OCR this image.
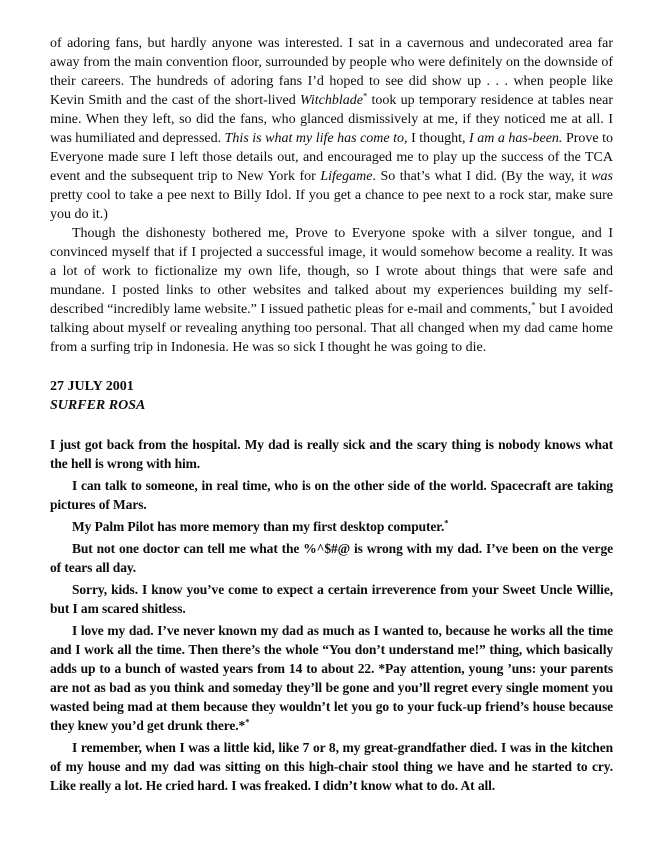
of adoring fans, but hardly anyone was interested. I sat in a cavernous and undecorated area far away from the main convention floor, surrounded by people who were definitely on the downside of their careers. The hundreds of adoring fans I’d hoped to see did show up . . . when people like Kevin Smith and the cast of the short-lived Witchblade* took up temporary residence at tables near mine. When they left, so did the fans, who glanced dismissively at me, if they noticed me at all. I was humiliated and depressed. This is what my life has come to, I thought, I am a has-been. Prove to Everyone made sure I left those details out, and encouraged me to play up the success of the TCA event and the subsequent trip to New York for Lifegame. So that’s what I did. (By the way, it was pretty cool to take a pee next to Billy Idol. If you get a chance to pee next to a rock star, make sure you do it.)

Though the dishonesty bothered me, Prove to Everyone spoke with a silver tongue, and I convinced myself that if I projected a successful image, it would somehow become a reality. It was a lot of work to fictionalize my own life, though, so I wrote about things that were safe and mundane. I posted links to other websites and talked about my experiences building my self-described “incredibly lame website.” I issued pathetic pleas for e-mail and comments,* but I avoided talking about myself or revealing anything too personal. That all changed when my dad came home from a surfing trip in Indonesia. He was so sick I thought he was going to die.

27 JULY 2001
SURFER ROSA

I just got back from the hospital. My dad is really sick and the scary thing is nobody knows what the hell is wrong with him.

I can talk to someone, in real time, who is on the other side of the world. Spacecraft are taking pictures of Mars.

My Palm Pilot has more memory than my first desktop computer.*

But not one doctor can tell me what the %^$#@ is wrong with my dad. I’ve been on the verge of tears all day.

Sorry, kids. I know you’ve come to expect a certain irreverence from your Sweet Uncle Willie, but I am scared shitless.

I love my dad. I’ve never known my dad as much as I wanted to, because he works all the time and I work all the time. Then there’s the whole “You don’t understand me!” thing, which basically adds up to a bunch of wasted years from 14 to about 22. *Pay attention, young ’uns: your parents are not as bad as you think and someday they’ll be gone and you’ll regret every single moment you wasted being mad at them because they wouldn’t let you go to your fuck-up friend’s house because they knew you’d get drunk there.**

I remember, when I was a little kid, like 7 or 8, my great-grandfather died. I was in the kitchen of my house and my dad was sitting on this high-chair stool thing we have and he started to cry. Like really a lot. He cried hard. I was freaked. I didn’t know what to do. At all.
